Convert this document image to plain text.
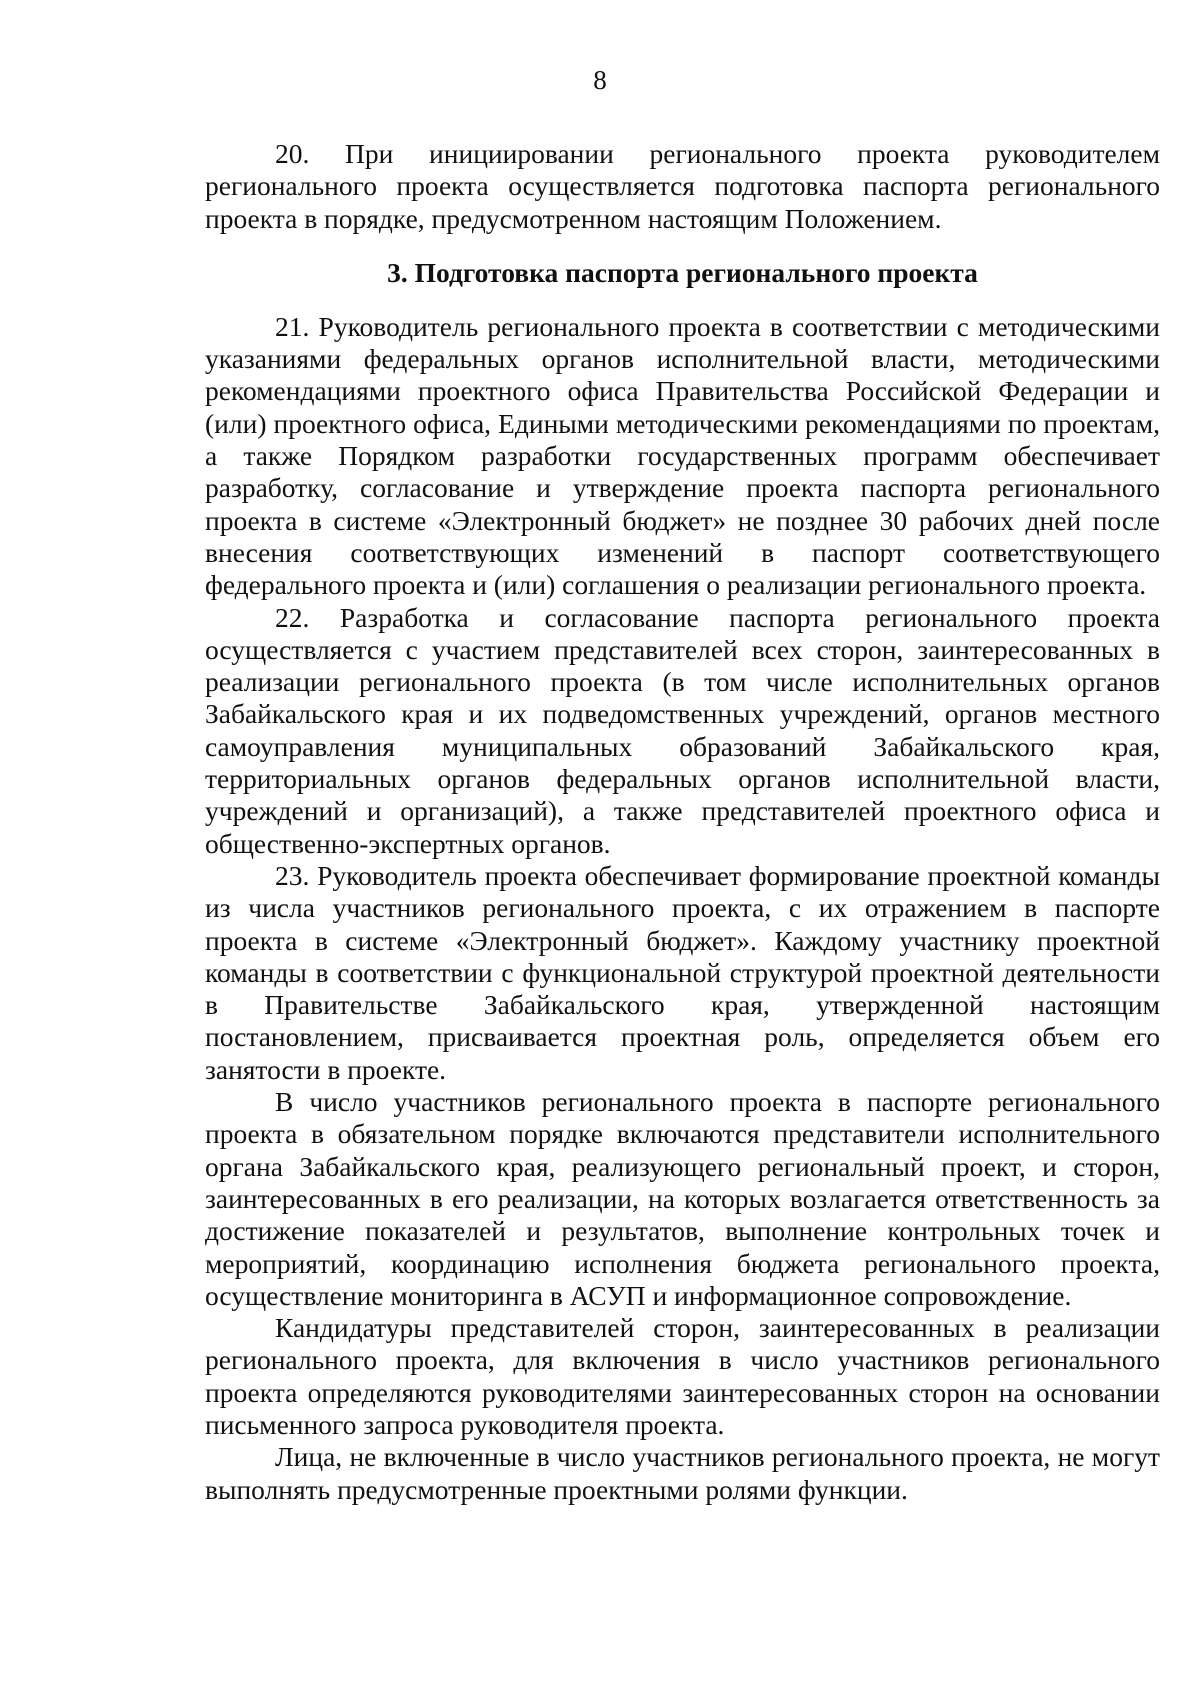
8

20. При инициировании регионального проекта руководителем регионального проекта осуществляется подготовка паспорта регионального проекта в порядке, предусмотренном настоящим Положением.

3. Подготовка паспорта регионального проекта

21. Руководитель регионального проекта в соответствии с методическими указаниями федеральных органов исполнительной власти, методическими рекомендациями проектного офиса Правительства Российской Федерации и (или) проектного офиса, Едиными методическими рекомендациями по проектам, а также Порядком разработки государственных программ обеспечивает разработку, согласование и утверждение проекта паспорта регионального проекта в системе «Электронный бюджет» не позднее 30 рабочих дней после внесения соответствующих изменений в паспорт соответствующего федерального проекта и (или) соглашения о реализации регионального проекта.

22. Разработка и согласование паспорта регионального проекта осуществляется с участием представителей всех сторон, заинтересованных в реализации регионального проекта (в том числе исполнительных органов Забайкальского края и их подведомственных учреждений, органов местного самоуправления муниципальных образований Забайкальского края, территориальных органов федеральных органов исполнительной власти, учреждений и организаций), а также представителей проектного офиса и общественно-экспертных органов.

23. Руководитель проекта обеспечивает формирование проектной команды из числа участников регионального проекта, с их отражением в паспорте проекта в системе «Электронный бюджет». Каждому участнику проектной команды в соответствии с функциональной структурой проектной деятельности в Правительстве Забайкальского края, утвержденной настоящим постановлением, присваивается проектная роль, определяется объем его занятости в проекте.

В число участников регионального проекта в паспорте регионального проекта в обязательном порядке включаются представители исполнительного органа Забайкальского края, реализующего региональный проект, и сторон, заинтересованных в его реализации, на которых возлагается ответственность за достижение показателей и результатов, выполнение контрольных точек и мероприятий, координацию исполнения бюджета регионального проекта, осуществление мониторинга в АСУП и информационное сопровождение.

Кандидатуры представителей сторон, заинтересованных в реализации регионального проекта, для включения в число участников регионального проекта определяются руководителями заинтересованных сторон на основании письменного запроса руководителя проекта.

Лица, не включенные в число участников регионального проекта, не могут выполнять предусмотренные проектными ролями функции.
